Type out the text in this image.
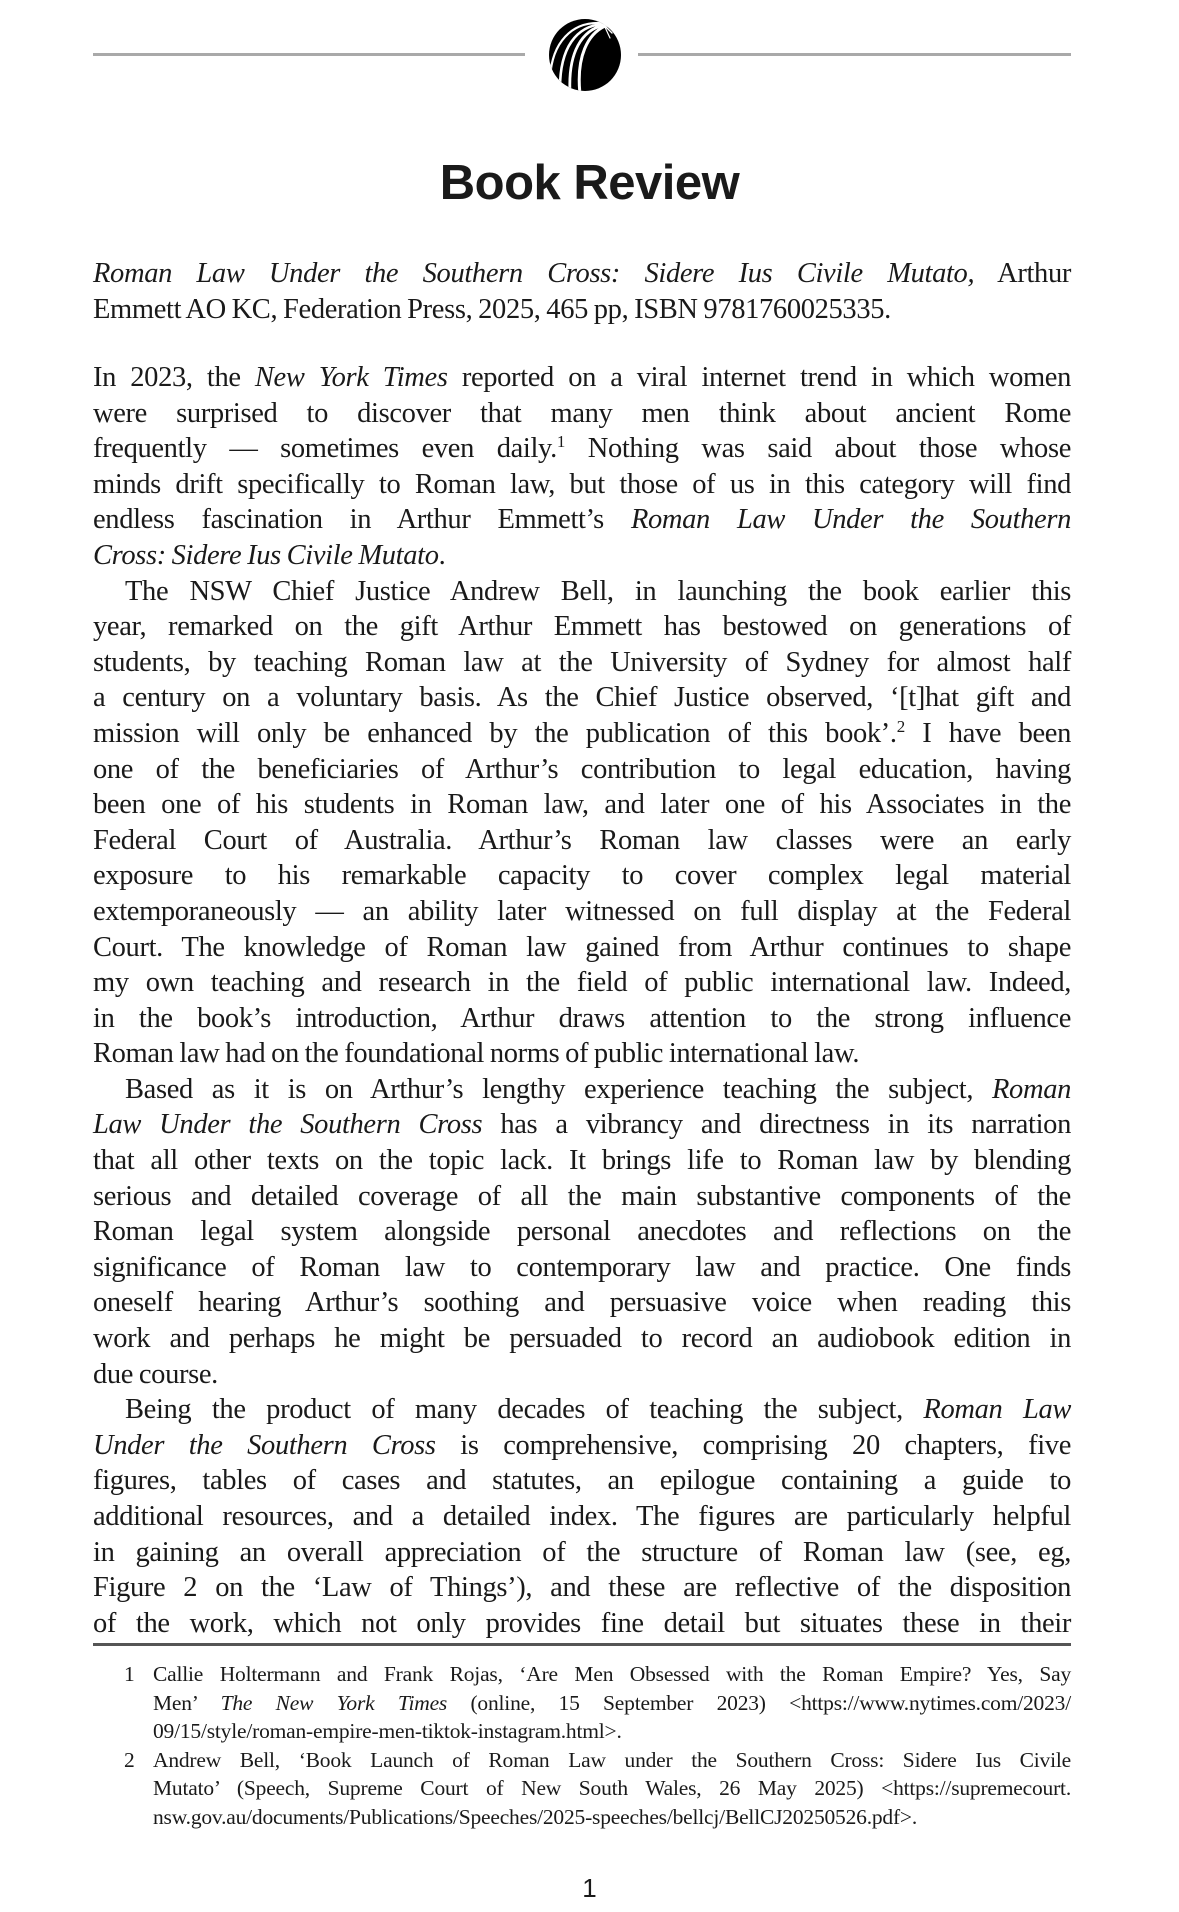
Book Review
Roman Law Under the Southern Cross: Sidere Ius Civile Mutato, Arthur
Emmett AO KC, Federation Press, 2025, 465 pp, ISBN 9781760025335.
In 2023, the New York Times reported on a viral internet trend in which women
were surprised to discover that many men think about ancient Rome
frequently — sometimes even daily.$^1$ Nothing was said about those whose
minds drift specifically to Roman law, but those of us in this category will find
endless fascination in Arthur Emmett’s Roman Law Under the Southern
Cross: Sidere Ius Civile Mutato.
The NSW Chief Justice Andrew Bell, in launching the book earlier this
year, remarked on the gift Arthur Emmett has bestowed on generations of
students, by teaching Roman law at the University of Sydney for almost half
a century on a voluntary basis. As the Chief Justice observed, ‘[t]hat gift and
mission will only be enhanced by the publication of this book’.$^2$ I have been
one of the beneficiaries of Arthur’s contribution to legal education, having
been one of his students in Roman law, and later one of his Associates in the
Federal Court of Australia. Arthur’s Roman law classes were an early
exposure to his remarkable capacity to cover complex legal material
extemporaneously — an ability later witnessed on full display at the Federal
Court. The knowledge of Roman law gained from Arthur continues to shape
my own teaching and research in the field of public international law. Indeed,
in the book’s introduction, Arthur draws attention to the strong influence
Roman law had on the foundational norms of public international law.
Based as it is on Arthur’s lengthy experience teaching the subject, Roman
Law Under the Southern Cross has a vibrancy and directness in its narration
that all other texts on the topic lack. It brings life to Roman law by blending
serious and detailed coverage of all the main substantive components of the
Roman legal system alongside personal anecdotes and reflections on the
significance of Roman law to contemporary law and practice. One finds
oneself hearing Arthur’s soothing and persuasive voice when reading this
work and perhaps he might be persuaded to record an audiobook edition in
due course.
Being the product of many decades of teaching the subject, Roman Law
Under the Southern Cross is comprehensive, comprising 20 chapters, five
figures, tables of cases and statutes, an epilogue containing a guide to
additional resources, and a detailed index. The figures are particularly helpful
in gaining an overall appreciation of the structure of Roman law (see, eg,
Figure 2 on the ‘Law of Things’), and these are reflective of the disposition
of the work, which not only provides fine detail but situates these in their
1 Callie Holtermann and Frank Rojas, ‘Are Men Obsessed with the Roman Empire? Yes, Say
Men’ The New York Times (online, 15 September 2023) <https://www.nytimes.com/2023/
09/15/style/roman-empire-men-tiktok-instagram.html>.
2 Andrew Bell, ‘Book Launch of Roman Law under the Southern Cross: Sidere Ius Civile
Mutato’ (Speech, Supreme Court of New South Wales, 26 May 2025) <https://supremecourt.
nsw.gov.au/documents/Publications/Speeches/2025-speeches/bellcj/BellCJ20250526.pdf>.
1
